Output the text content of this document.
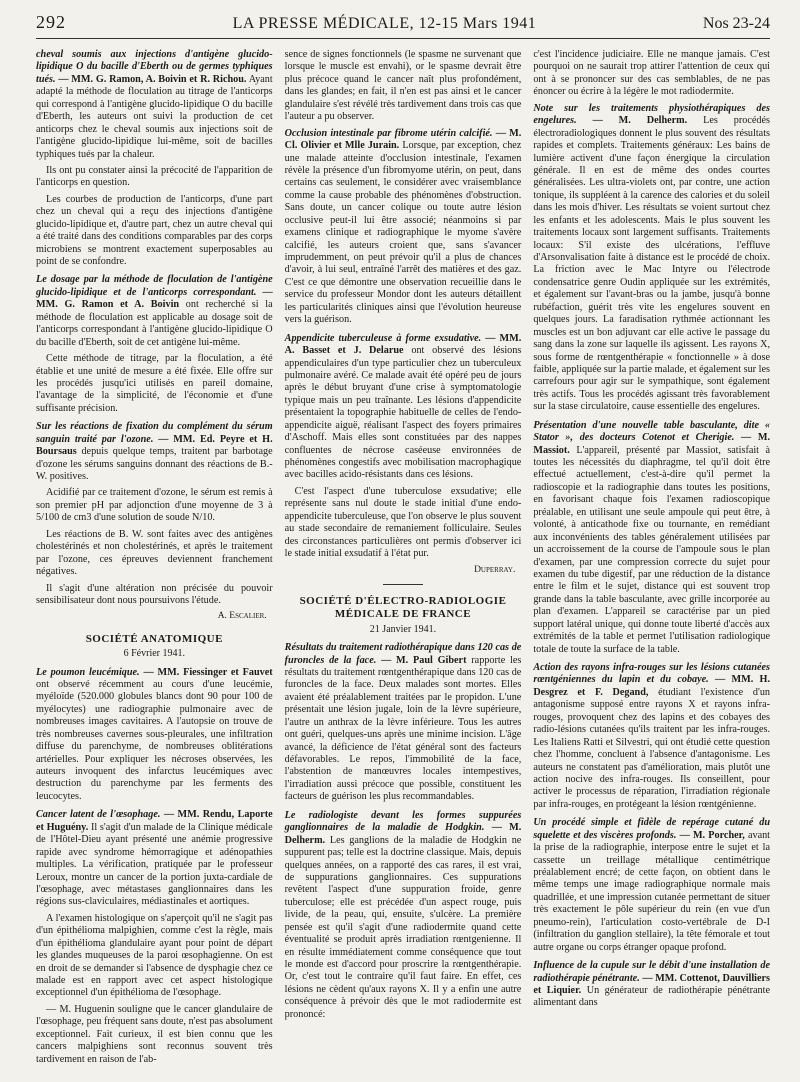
292	LA PRESSE MÉDICALE, 12-15 Mars 1941	Nos 23-24

cheval soumis aux injections d'antigène glucido-lipidique O du bacille d'Eberth ou de germes typhiques tués. — MM. G. Ramon, A. Boivin et R. Richou. Ayant adapté la méthode de floculation au titrage de l'anticorps qui correspond à l'antigène glucido-lipidique O du bacille d'Eberth, les auteurs ont suivi la production de cet anticorps chez le cheval soumis aux injections soit de l'antigène glucido-lipidique lui-même, soit de bacilles typhiques tués par la chaleur.

Ils ont pu constater ainsi la précocité de l'apparition de l'anticorps en question.

Les courbes de production de l'anticorps, d'une part chez un cheval qui a reçu des injections d'antigène glucido-lipidique et, d'autre part, chez un autre cheval qui a été traité dans des conditions comparables par des corps microbiens se montrent exactement superposables au point de se confondre.

Le dosage par la méthode de floculation de l'antigène glucido-lipidique et de l'anticorps correspondant. — MM. G. Ramon et A. Boivin ont recherché si la méthode de floculation est applicable au dosage soit de l'anticorps correspondant à l'antigène glucido-lipidique O du bacille d'Eberth, soit de cet antigène lui-même.

Cette méthode de titrage, par la floculation, a été établie et une unité de mesure a été fixée. Elle offre sur les procédés jusqu'ici utilisés en pareil domaine, l'avantage de la simplicité, de l'économie et d'une suffisante précision.

Sur les réactions de fixation du complément du sérum sanguin traité par l'ozone. — MM. Ed. Peyre et H. Boursaus depuis quelque temps, traitent par barbotage d'ozone les sérums sanguins donnant des réactions de B.-W. positives.

Acidifié par ce traitement d'ozone, le sérum est remis à son premier pH par adjonction d'une moyenne de 3 à 5/100 de cm3 d'une solution de soude N/10.

Les réactions de B. W. sont faites avec des antigènes cholestérinés et non cholestérinés, et après le traitement par l'ozone, ces épreuves deviennent franchement négatives.

Il s'agit d'une altération non précisée du pouvoir sensibilisateur dont nous poursuivons l'étude.

A. Escalier.
SOCIÉTÉ ANATOMIQUE
6 Février 1941.

Le poumon leucémique. — MM. Fiessinger et Fauvet ont observé récemment au cours d'une leucémie, myéloïde (520.000 globules blancs dont 90 pour 100 de myélocytes) une radiographie pulmonaire avec de nombreuses images cavitaires. A l'autopsie on trouve de très nombreuses cavernes sous-pleurales, une infiltration diffuse du parenchyme, de nombreuses oblitérations artérielles. Pour expliquer les nécroses observées, les auteurs invoquent des infarctus leucémiques avec destruction du parenchyme par les ferments des leucocytes.

Cancer latent de l'œsophage. — MM. Rendu, Laporte et Huguény. Il s'agit d'un malade de la Clinique médicale de l'Hôtel-Dieu ayant présenté une anémie progressive rapide avec syndrome hémorragique et adénopathies multiples. La vérification, pratiquée par le professeur Leroux, montre un cancer de la portion juxta-cardiale de l'œsophage, avec métastases ganglionnaires dans les régions sus-claviculaires, médiastinales et aortiques.

A l'examen histologique on s'aperçoit qu'il ne s'agit pas d'un épithélioma malpighien, comme c'est la règle, mais d'un épithélioma glandulaire ayant pour point de départ les glandes muqueuses de la paroi œsophagienne. On est en droit de se demander si l'absence de dysphagie chez ce malade est en rapport avec cet aspect histologique exceptionnel d'un épithélioma de l'œsophage.

— M. Huguenin souligne que le cancer glandulaire de l'œsophage, peu fréquent sans doute, n'est pas absolument exceptionnel. Fait curieux, il est bien connu que les cancers malpighiens sont reconnus souvent très tardivement en raison de l'ab-

sence de signes fonctionnels (le spasme ne survenant que lorsque le muscle est envahi), or le spasme devrait être plus précoce quand le cancer naît plus profondément, dans les glandes; en fait, il n'en est pas ainsi et le cancer glandulaire s'est révélé très tardivement dans trois cas que l'auteur a pu observer.

Occlusion intestinale par fibrome utérin calcifié. — M. Cl. Olivier et Mlle Jurain. Lorsque, par exception, chez une malade atteinte d'occlusion intestinale, l'examen révèle la présence d'un fibromyome utérin, on peut, dans certains cas seulement, le considérer avec vraisemblance comme la cause probable des phénomènes d'obstruction. Sans doute, un cancer colique ou toute autre lésion occlusive peut-il lui être associé; néanmoins si par examens clinique et radiographique le myome s'avère calcifié, les auteurs croient que, sans s'avancer imprudemment, on peut prévoir qu'il a plus de chances d'avoir, à lui seul, entraîné l'arrêt des matières et des gaz. C'est ce que démontre une observation recueillie dans le service du professeur Mondor dont les auteurs détaillent les particularités cliniques ainsi que l'évolution heureuse vers la guérison.

Appendicite tuberculeuse à forme exsudative. — MM. A. Basset et J. Delarue ont observé des lésions appendiculaires d'un type particulier chez un tuberculeux pulmonaire avéré. Ce malade avait été opéré peu de jours après le début bruyant d'une crise à symptomatologie typique mais un peu traînante. Les lésions d'appendicite présentaient la topographie habituelle de celles de l'endo-appendicite aiguë, réalisant l'aspect des foyers primaires d'Aschoff. Mais elles sont constituées par des nappes confluentes de nécrose caséeuse environnées de phénomènes congestifs avec mobilisation macrophagique avec bacilles acido-résistants dans ces lésions.

C'est l'aspect d'une tuberculose exsudative; elle représente sans nul doute le stade initial d'une endo-appendicite tuberculeuse, que l'on observe le plus souvent au stade secondaire de remaniement folliculaire. Seules des circonstances particulières ont permis d'observer ici le stade initial exsudatif à l'état pur.

Duperray.
SOCIÉTÉ D'ÉLECTRO-RADIOLOGIE MÉDICALE DE FRANCE
21 Janvier 1941.

Résultats du traitement radiothérapique dans 120 cas de furoncles de la face. — M. Paul Gibert rapporte les résultats du traitement rœntgenthérapique dans 120 cas de furoncles de la face. Deux malades sont mortes. Elles avaient été préalablement traitées par le propidon. L'une présentait une lésion jugale, loin de la lèvre supérieure, l'autre un anthrax de la lèvre inférieure. Tous les autres ont guéri, quelques-uns après une minime incision. L'âge avancé, la déficience de l'état général sont des facteurs défavorables. Le repos, l'immobilité de la face, l'abstention de manœuvres locales intempestives, l'irradiation aussi précoce que possible, constituent les facteurs de guérison les plus recommandables.

Le radiologiste devant les formes suppurées ganglionnaires de la maladie de Hodgkin. — M. Delherm. Les ganglions de la maladie de Hodgkin ne suppurent pas; telle est la doctrine classique. Mais, depuis quelques années, on a rapporté des cas rares, il est vrai, de suppurations ganglionnaires. Ces suppurations revêtent l'aspect d'une suppuration froide, genre tuberculose; elle est précédée d'un aspect rouge, puis livide, de la peau, qui, ensuite, s'ulcère. La première pensée est qu'il s'agit d'une radiodermite quand cette éventualité se produit après irradiation rœntgenienne. Il en résulte immédiatement comme conséquence que tout le monde est d'accord pour proscrire la rœntgenthérapie. Or, c'est tout le contraire qu'il faut faire. En effet, ces lésions ne cèdent qu'aux rayons X. Il y a enfin une autre conséquence à prévoir dès que le mot radiodermite est prononcé:

c'est l'incidence judiciaire. Elle ne manque jamais. C'est pourquoi on ne saurait trop attirer l'attention de ceux qui ont à se prononcer sur des cas semblables, de ne pas énoncer ou écrire à la légère le mot radiodermite.

Note sur les traitements physiothérapiques des engelures. — M. Delherm. Les procédés électroradiologiques donnent le plus souvent des résultats rapides et complets. Traitements généraux: Les bains de lumière activent d'une façon énergique la circulation générale. Il en est de même des ondes courtes généralisées. Les ultra-violets ont, par contre, une action tonique, ils suppléent à la carence des calories et du soleil dans les mois d'hiver. Les résultats se voient surtout chez les enfants et les adolescents. Mais le plus souvent les traitements locaux sont largement suffisants. Traitements locaux: S'il existe des ulcérations, l'effluve d'Arsonvalisation faite à distance est le procédé de choix. La friction avec le Mac Intyre ou l'électrode condensatrice genre Oudin appliquée sur les extrémités, et également sur l'avant-bras ou la jambe, jusqu'à bonne rubéfaction, guérit très vite les engelures souvent en quelques jours. La faradisation rythmée actionnant les muscles est un bon adjuvant car elle active le passage du sang dans la zone sur laquelle ils agissent. Les rayons X, sous forme de rœntgenthérapie « fonctionnelle » à dose faible, appliquée sur la partie malade, et également sur les carrefours pour agir sur le sympathique, sont également très actifs. Tous les procédés agissant très favorablement sur la stase circulatoire, cause essentielle des engelures.

Présentation d'une nouvelle table basculante, dite « Stator », des docteurs Cotenot et Cherigie. — M. Massiot. L'appareil, présenté par Massiot, satisfait à toutes les nécessités du diaphragme, tel qu'il doit être effectué actuellement, c'est-à-dire qu'il permet la radioscopie et la radiographie dans toutes les positions, en favorisant chaque fois l'examen radioscopique préalable, en utilisant une seule ampoule qui peut être, à volonté, à anticathode fixe ou tournante, en remédiant aux inconvénients des tables généralement utilisées par un accroissement de la course de l'ampoule sous le plan d'examen, par une compression correcte du sujet pour examen du tube digestif, par une réduction de la distance entre le film et le sujet, distance qui est souvent trop grande dans la table basculante, avec grille incorporée au plan d'examen. L'appareil se caractérise par un pied support latéral unique, qui donne toute liberté d'accès aux extrémités de la table et permet l'utilisation radiologique totale de toute la surface de la table.

Action des rayons infra-rouges sur les lésions cutanées rœntgéniennes du lapin et du cobaye. — MM. H. Desgrez et F. Degand, étudiant l'existence d'un antagonisme supposé entre rayons X et rayons infra-rouges, provoquent chez des lapins et des cobayes des radio-lésions cutanées qu'ils traitent par les infra-rouges. Les Italiens Ratti et Silvestri, qui ont étudié cette question chez l'homme, concluent à l'absence d'antagonisme. Les auteurs ne constatent pas d'amélioration, mais plutôt une action nocive des infra-rouges. Ils conseillent, pour activer le processus de réparation, l'irradiation régionale par infra-rouges, en protégeant la lésion rœntgénienne.

Un procédé simple et fidèle de repérage cutané du squelette et des viscères profonds. — M. Porcher, avant la prise de la radiographie, interpose entre le sujet et la cassette un treillage métallique centimétrique préalablement encré; de cette façon, on obtient dans le même temps une image radiographique normale mais quadrillée, et une impression cutanée permettant de situer très exactement le pôle supérieur du rein (en vue d'un pneumo-rein), l'articulation costo-vertébrale de D-I (infiltration du ganglion stellaire), la tête fémorale et tout autre organe ou corps étranger opaque profond.

Influence de la cupule sur le débit d'une installation de radiothérapie pénétrante. — MM. Cottenot, Dauvilliers et Liquier. Un générateur de radiothérapie pénétrante alimentant dans
